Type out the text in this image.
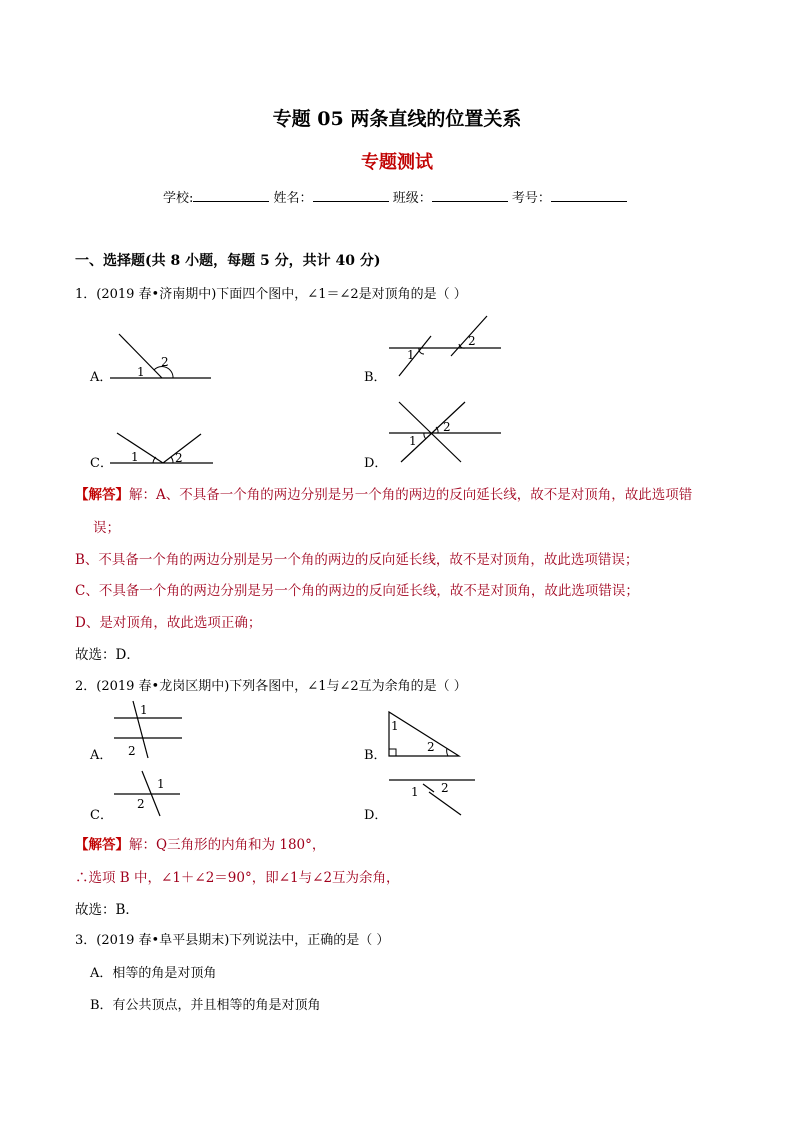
专题 05 两条直线的位置关系
专题测试
学校:	姓名：	班级：	考号：
一、选择题(共 8 小题，每题 5 分，共计 40 分)
1．(2019 春•济南期中)下面四个图中，∠1＝∠2是对顶角的是（ ）
A． 1
2
B．
1
2
C． 1	2	D．
1
2
【解答】解：A、不具备一个角的两边分别是另一个角的两边的反向延长线，故不是对顶角，故此选项错
误；
B、不具备一个角的两边分别是另一个角的两边的反向延长线，故不是对顶角，故此选项错误；
C、不具备一个角的两边分别是另一个角的两边的反向延长线，故不是对顶角，故此选项错误；
D、是对顶角，故此选项正确；
故选：D．
2．(2019 春•龙岗区期中)下列各图中，∠1与∠2互为余角的是（ ）
A．
1
2	B．
1
2
C．
1
2
D．
1 2
【解答】解：Q三角形的内角和为 180°，
∴选项 B 中，∠1＋∠2＝90°，即∠1与∠2互为余角，
故选：B．
3．(2019 春•阜平县期末)下列说法中，正确的是（ ）
A．相等的角是对顶角
B．有公共顶点，并且相等的角是对顶角
